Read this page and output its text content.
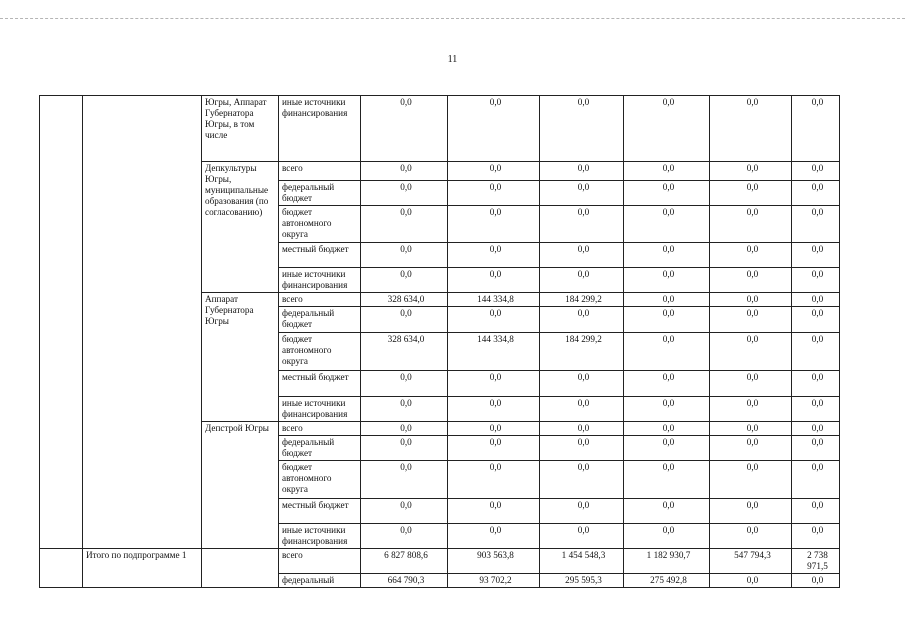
11
		Югры, Аппарат Губернатора Югры, в том числе	иные источники финансирования	0,0	0,0	0,0	0,0	0,0	0,0
		Депкультуры Югры, муниципальные образования (по согласованию)	всего	0,0	0,0	0,0	0,0	0,0	0,0
			федеральный бюджет	0,0	0,0	0,0	0,0	0,0	0,0
			бюджет автономного округа	0,0	0,0	0,0	0,0	0,0	0,0
			местный бюджет	0,0	0,0	0,0	0,0	0,0	0,0
			иные источники финансирования	0,0	0,0	0,0	0,0	0,0	0,0
		Аппарат Губернатора Югры	всего	328 634,0	144 334,8	184 299,2	0,0	0,0	0,0
			федеральный бюджет	0,0	0,0	0,0	0,0	0,0	0,0
			бюджет автономного округа	328 634,0	144 334,8	184 299,2	0,0	0,0	0,0
			местный бюджет	0,0	0,0	0,0	0,0	0,0	0,0
			иные источники финансирования	0,0	0,0	0,0	0,0	0,0	0,0
		Депстрой Югры	всего	0,0	0,0	0,0	0,0	0,0	0,0
			федеральный бюджет	0,0	0,0	0,0	0,0	0,0	0,0
			бюджет автономного округа	0,0	0,0	0,0	0,0	0,0	0,0
			местный бюджет	0,0	0,0	0,0	0,0	0,0	0,0
			иные источники финансирования	0,0	0,0	0,0	0,0	0,0	0,0
	Итого по подпрограмме 1		всего	6 827 808,6	903 563,8	1 454 548,3	1 182 930,7	547 794,3	2 738 971,5
			федеральный	664 790,3	93 702,2	295 595,3	275 492,8	0,0	0,0
